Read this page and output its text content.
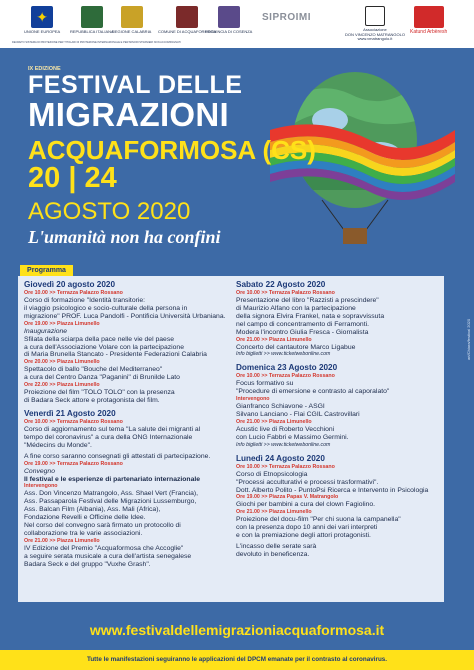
✦
UNIONE EUROPEA REPUBBLICA ITALIANA
REGIONE CALABRIA COMUNE DI ACQUAFORMOSA
PROVINCIA DI COSENZA
SIPROIMI
Associazione
DON VINCENZO MATRANGOLO
www.vmatrangolo.it
Katund Arbëresh
DECRETO SISTEMA DI PROTEZIONE PER TITOLARI DI PROTEZIONE INTERNAZIONALE E PER MINORI STRANIERI NON ACCOMPAGNATI
IX EDIZIONE
FESTIVAL DELLE
MIGRAZIONI
ACQUAFORMOSA (CS)
20 | 24
AGOSTO 2020
L'umanità non ha confini
art/Chiara/festival 2020
Programma
Giovedì 20 agosto 2020
Ore 10.00 >> Terrazza Palazzo Rossano
Corso di formazione "Identità transitorie:
il viaggio psicologico e socio-culturale della persona in
migrazione" PROF. Luca Pandolfi - Pontificia Università Urbaniana.
Ore 19.00 >> Piazza Limunello
Inaugurazione
Sfilata della sciarpa della pace nelle vie del paese
a cura dell'Associazione Volare con la partecipazione
di Maria Brunella Stancato - Presidente Federazioni Calabria
Ore 20.00 >> Piazza Limunello
Spettacolo di ballo "Bouche del Mediterraneo"
a cura del Centro Danza "Paganini" di Brunilde Lato
Ore 22.00 >> Piazza Limunello
Proiezione del film "TOLO TOLO" con la presenza
di Badara Seck attore e protagonista del film.
Venerdì 21 Agosto 2020
Ore 10.00 >> Terrazza Palazzo Rossano
Corso di aggiornamento sul tema "La salute dei migranti al
tempo del coronavirus" a cura della ONG Internazionale
"Médecins du Monde".
A fine corso saranno consegnati gli attestati di partecipazione.
Ore 19.00 >> Terrazza Palazzo Rossano
Convegno
Il festival e le esperienze di partenariato internazionale
Intervengono
Ass. Don Vincenzo Matrangolo, Ass. Shael Vert (Francia),
Ass. Passaparola Festival delle Migrazioni Lussemburgo,
Ass. Balcan Film (Albania), Ass. Mali (Africa),
Fondazione Revelli e Officine delle Idee.
Nel corso del convegno sarà firmato un protocollo di
collaborazione tra le varie associazioni.
Ore 21.00 >> Piazza Limunello
IV Edizione del Premio "Acquaformosa che Accoglie"
a seguire serata musicale a cura dell'artista senegalese
Badara Seck e del gruppo "Vuxhe Grash".
Sabato 22 Agosto 2020
Ore 10.00 >> Terrazza Palazzo Rossano
Presentazione del libro "Razzisti a prescindere"
di Maurizio Alfano con la partecipazione
della signora Elvira Frankel, nata e sopravvissuta
nel campo di concentramento di Ferramonti.
Modera l'incontro Giulia Fresca - Giornalista
Ore 21.00 >> Piazza Limunello
Concerto del cantautore Marco Ligabue
Info biglietti >> www.ticketwebonline.com
Domenica 23 Agosto 2020
Ore 10.00 >> Terrazza Palazzo Rossano
Focus formativo su
"Procedure di emersione e contrasto al caporalato"
Intervengono
Gianfranco Schiavone - ASGI
Silvano Lanciano - Flai CGIL Castrovillari
Ore 21.00 >> Piazza Limunello
Acustic live di Roberto Vecchioni
con Lucio Fabbri e Massimo Germini.
Info biglietti >> www.ticketwebonline.com
Lunedì 24 Agosto 2020
Ore 10.00 >> Terrazza Palazzo Rossano
Corso di Etnopsicologia
"Processi acculturativi e processi trasformativi".
Dott. Alberto Polito - PuntoPsi Ricerca e Intervento in Psicologia
Ore 19.00 >> Piazza Papas V. Matrangolo
Giochi per bambini a cura del clown Fagiolino.
Ore 21.00 >> Piazza Limunello
Proiezione del docu-film "Per chi suona la campanella"
con la presenza dopo 10 anni dei vari interpreti
e con la premiazione degli attori protagonisti.
L'incasso delle serate sarà
devoluto in beneficenza.
www.festivaldellemigrazioniacquaformosa.it
Tutte le manifestazioni seguiranno le applicazioni del DPCM emanate per il contrasto al coronavirus.
